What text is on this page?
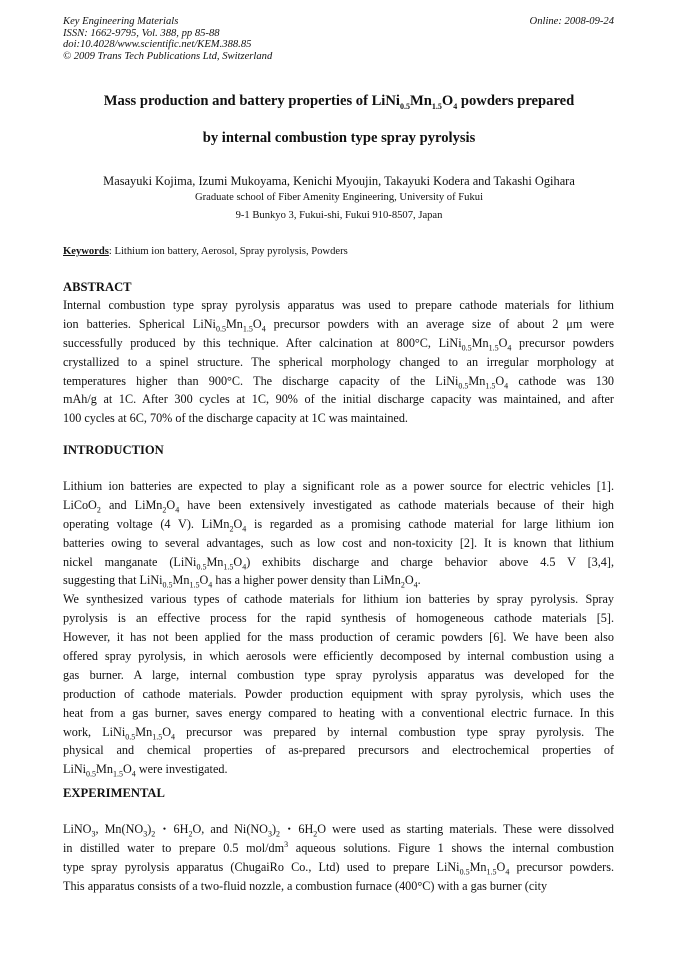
Key Engineering Materials
ISSN: 1662-9795, Vol. 388, pp 85-88
doi:10.4028/www.scientific.net/KEM.388.85
© 2009 Trans Tech Publications Ltd, Switzerland
Online: 2008-09-24
Mass production and battery properties of $LiNi_{0.5}Mn_{1.5}O_4$ powders prepared
by internal combustion type spray pyrolysis
Masayuki Kojima, Izumi Mukoyama, Kenichi Myoujin, Takayuki Kodera and Takashi Ogihara
Graduate school of Fiber Amenity Engineering, University of Fukui
9-1 Bunkyo 3, Fukui-shi, Fukui 910-8507, Japan
Keywords: Lithium ion battery, Aerosol, Spray pyrolysis, Powders
ABSTRACT
Internal combustion type spray pyrolysis apparatus was used to prepare cathode materials for lithium
ion batteries. Spherical $LiNi_{0.5}Mn_{1.5}O_4$ precursor powders with an average size of about 2 μm were
successfully produced by this technique. After calcination at 800°C, $LiNi_{0.5}Mn_{1.5}O_4$ precursor powders
crystallized to a spinel structure. The spherical morphology changed to an irregular morphology at
temperatures higher than 900°C. The discharge capacity of the $LiNi_{0.5}Mn_{1.5}O_4$ cathode was 130
mAh/g at 1C. After 300 cycles at 1C, 90% of the initial discharge capacity was maintained, and after
100 cycles at 6C, 70% of the discharge capacity at 1C was maintained.
INTRODUCTION
Lithium ion batteries are expected to play a significant role as a power source for electric vehicles [1].
LiCoO$_2$ and $LiMn_2O_4$ have been extensively investigated as cathode materials because of their high
operating voltage (4 V). $LiMn_2O_4$ is regarded as a promising cathode material for large lithium ion
batteries owing to several advantages, such as low cost and non-toxicity [2]. It is known that lithium
nickel manganate $(LiNi_{0.5}Mn_{1.5}O_4)$ exhibits discharge and charge behavior above 4.5 V [3,4],
suggesting that $LiNi_{0.5}Mn_{1.5}O_4$ has a higher power density than $LiMn_2O_4$.
We synthesized various types of cathode materials for lithium ion batteries by spray pyrolysis. Spray
pyrolysis is an effective process for the rapid synthesis of homogeneous cathode materials [5].
However, it has not been applied for the mass production of ceramic powders [6]. We have been also
offered spray pyrolysis, in which aerosols were efficiently decomposed by internal combustion using a
gas burner. A large, internal combustion type spray pyrolysis apparatus was developed for the
production of cathode materials. Powder production equipment with spray pyrolysis, which uses the
heat from a gas burner, saves energy compared to heating with a conventional electric furnace. In this
work, $LiNi_{0.5}Mn_{1.5}O_4$ precursor was prepared by internal combustion type spray pyrolysis. The
physical and chemical properties of as-prepared precursors and electrochemical properties of
$LiNi_{0.5}Mn_{1.5}O_4$ were investigated.
EXPERIMENTAL
LiNO$_3$, $Mn(NO_3)_2$・$6H_2O$, and $Ni(NO_3)_2$・$6H_2O$ were used as starting materials. These were dissolved
in distilled water to prepare 0.5 mol/$dm^3$ aqueous solutions. Figure 1 shows the internal combustion
type spray pyrolysis apparatus (ChugaiRo Co., Ltd) used to prepare $LiNi_{0.5}Mn_{1.5}O_4$ precursor powders.
This apparatus consists of a two-fluid nozzle, a combustion furnace (400°C) with a gas burner (city
